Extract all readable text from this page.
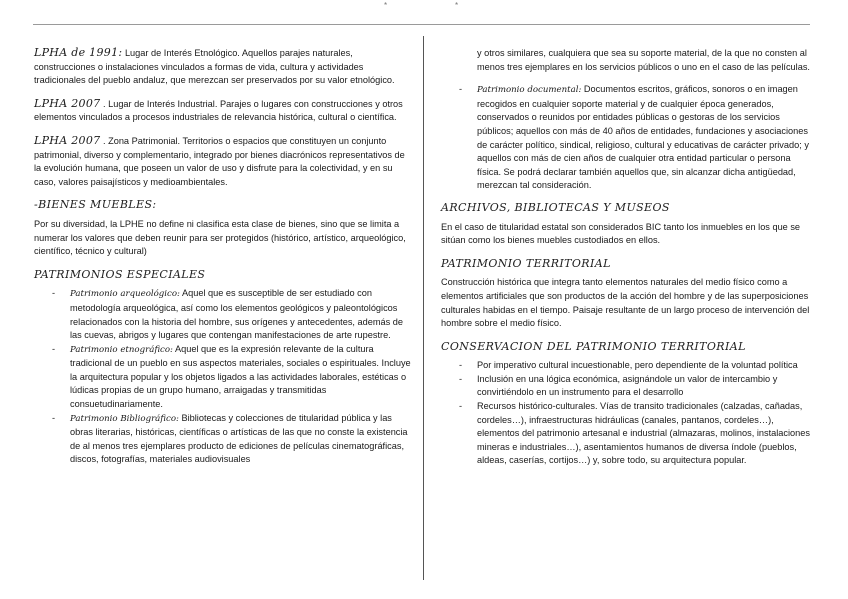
*	*

LPHA de 1991: Lugar de Interés Etnológico. Aquellos parajes naturales, construcciones o instalaciones vinculados a formas de vida, cultura y actividades tradicionales del pueblo andaluz, que merezcan ser preservados por su valor etnológico.

LPHA 2007 . Lugar de Interés Industrial. Parajes o lugares con construcciones y otros elementos vinculados a procesos industriales de relevancia histórica, cultural o científica.

LPHA 2007 . Zona Patrimonial. Territorios o espacios que constituyen un conjunto patrimonial, diverso y complementario, integrado por bienes diacrónicos representativos de la evolución humana, que poseen un valor de uso y disfrute para la colectividad, y en su caso, valores paisajísticos y medioambientales.

-BIENES MUEBLES:

Por su diversidad, la LPHE no define ni clasifica esta clase de bienes, sino que se limita a numerar los valores que deben reunir para ser protegidos (histórico, artístico, arqueológico, científico, técnico y cultural)

PATRIMONIOS ESPECIALES
- Patrimonio arqueológico: Aquel que es susceptible de ser estudiado con metodología arqueológica, así como los elementos geológicos y paleontológicos relacionados con la historia del hombre, sus orígenes y antecedentes, además de las cuevas, abrigos y lugares que contengan manifestaciones de arte rupestre.
- Patrimonio etnográfico: Aquel que es la expresión relevante de la cultura tradicional de un pueblo en sus aspectos materiales, sociales o espirituales. Incluye la arquitectura popular y los objetos ligados a las actividades laborales, estéticas o lúdicas propias de un grupo humano, arraigadas y transmitidas consuetudinariamente.
- Patrimonio Bibliográfico: Bibliotecas y colecciones de titularidad pública y las obras literarias, históricas, científicas o artísticas de las que no conste la existencia de al menos tres ejemplares producto de ediciones de películas cinematográficas, discos, fotografías, materiales audiovisuales

y otros similares, cualquiera que sea su soporte material, de la que no consten al menos tres ejemplares en los servicios públicos o uno en el caso de las películas.

- Patrimonio documental: Documentos escritos, gráficos, sonoros o en imagen recogidos en cualquier soporte material y de cualquier época generados, conservados o reunidos por entidades públicas o gestoras de los servicios públicos; aquellos con más de 40 años de entidades, fundaciones y asociaciones de carácter político, sindical, religioso, cultural y educativas de carácter privado; y aquellos con más de cien años de cualquier otra entidad particular o persona física. Se podrá declarar también aquellos que, sin alcanzar dicha antigüedad, merezcan tal consideración.
ARCHIVOS, BIBLIOTECAS Y MUSEOS

En el caso de titularidad estatal son considerados BIC tanto los inmuebles en los que se sitúan como los bienes muebles custodiados en ellos.

PATRIMONIO TERRITORIAL

Construcción histórica que integra tanto elementos naturales del medio físico como a elementos artificiales que son productos de la acción del hombre y de las superposiciones culturales habidas en el tiempo. Paisaje resultante de un largo proceso de intervención del hombre sobre el medio físico.

CONSERVACION DEL PATRIMONIO TERRITORIAL
- Por imperativo cultural incuestionable, pero dependiente de la voluntad política
- Inclusión en una lógica económica, asignándole un valor de intercambio y convirtiéndolo en un instrumento para el desarrollo
- Recursos histórico-culturales. Vías de transito tradicionales (calzadas, cañadas, cordeles…), infraestructuras hidráulicas (canales, pantanos, cordeles…), elementos del patrimonio artesanal e industrial (almazaras, molinos, instalaciones mineras e industriales…), asentamientos humanos de diversa índole (pueblos, aldeas, caserías, cortijos…) y, sobre todo, su arquitectura popular.
